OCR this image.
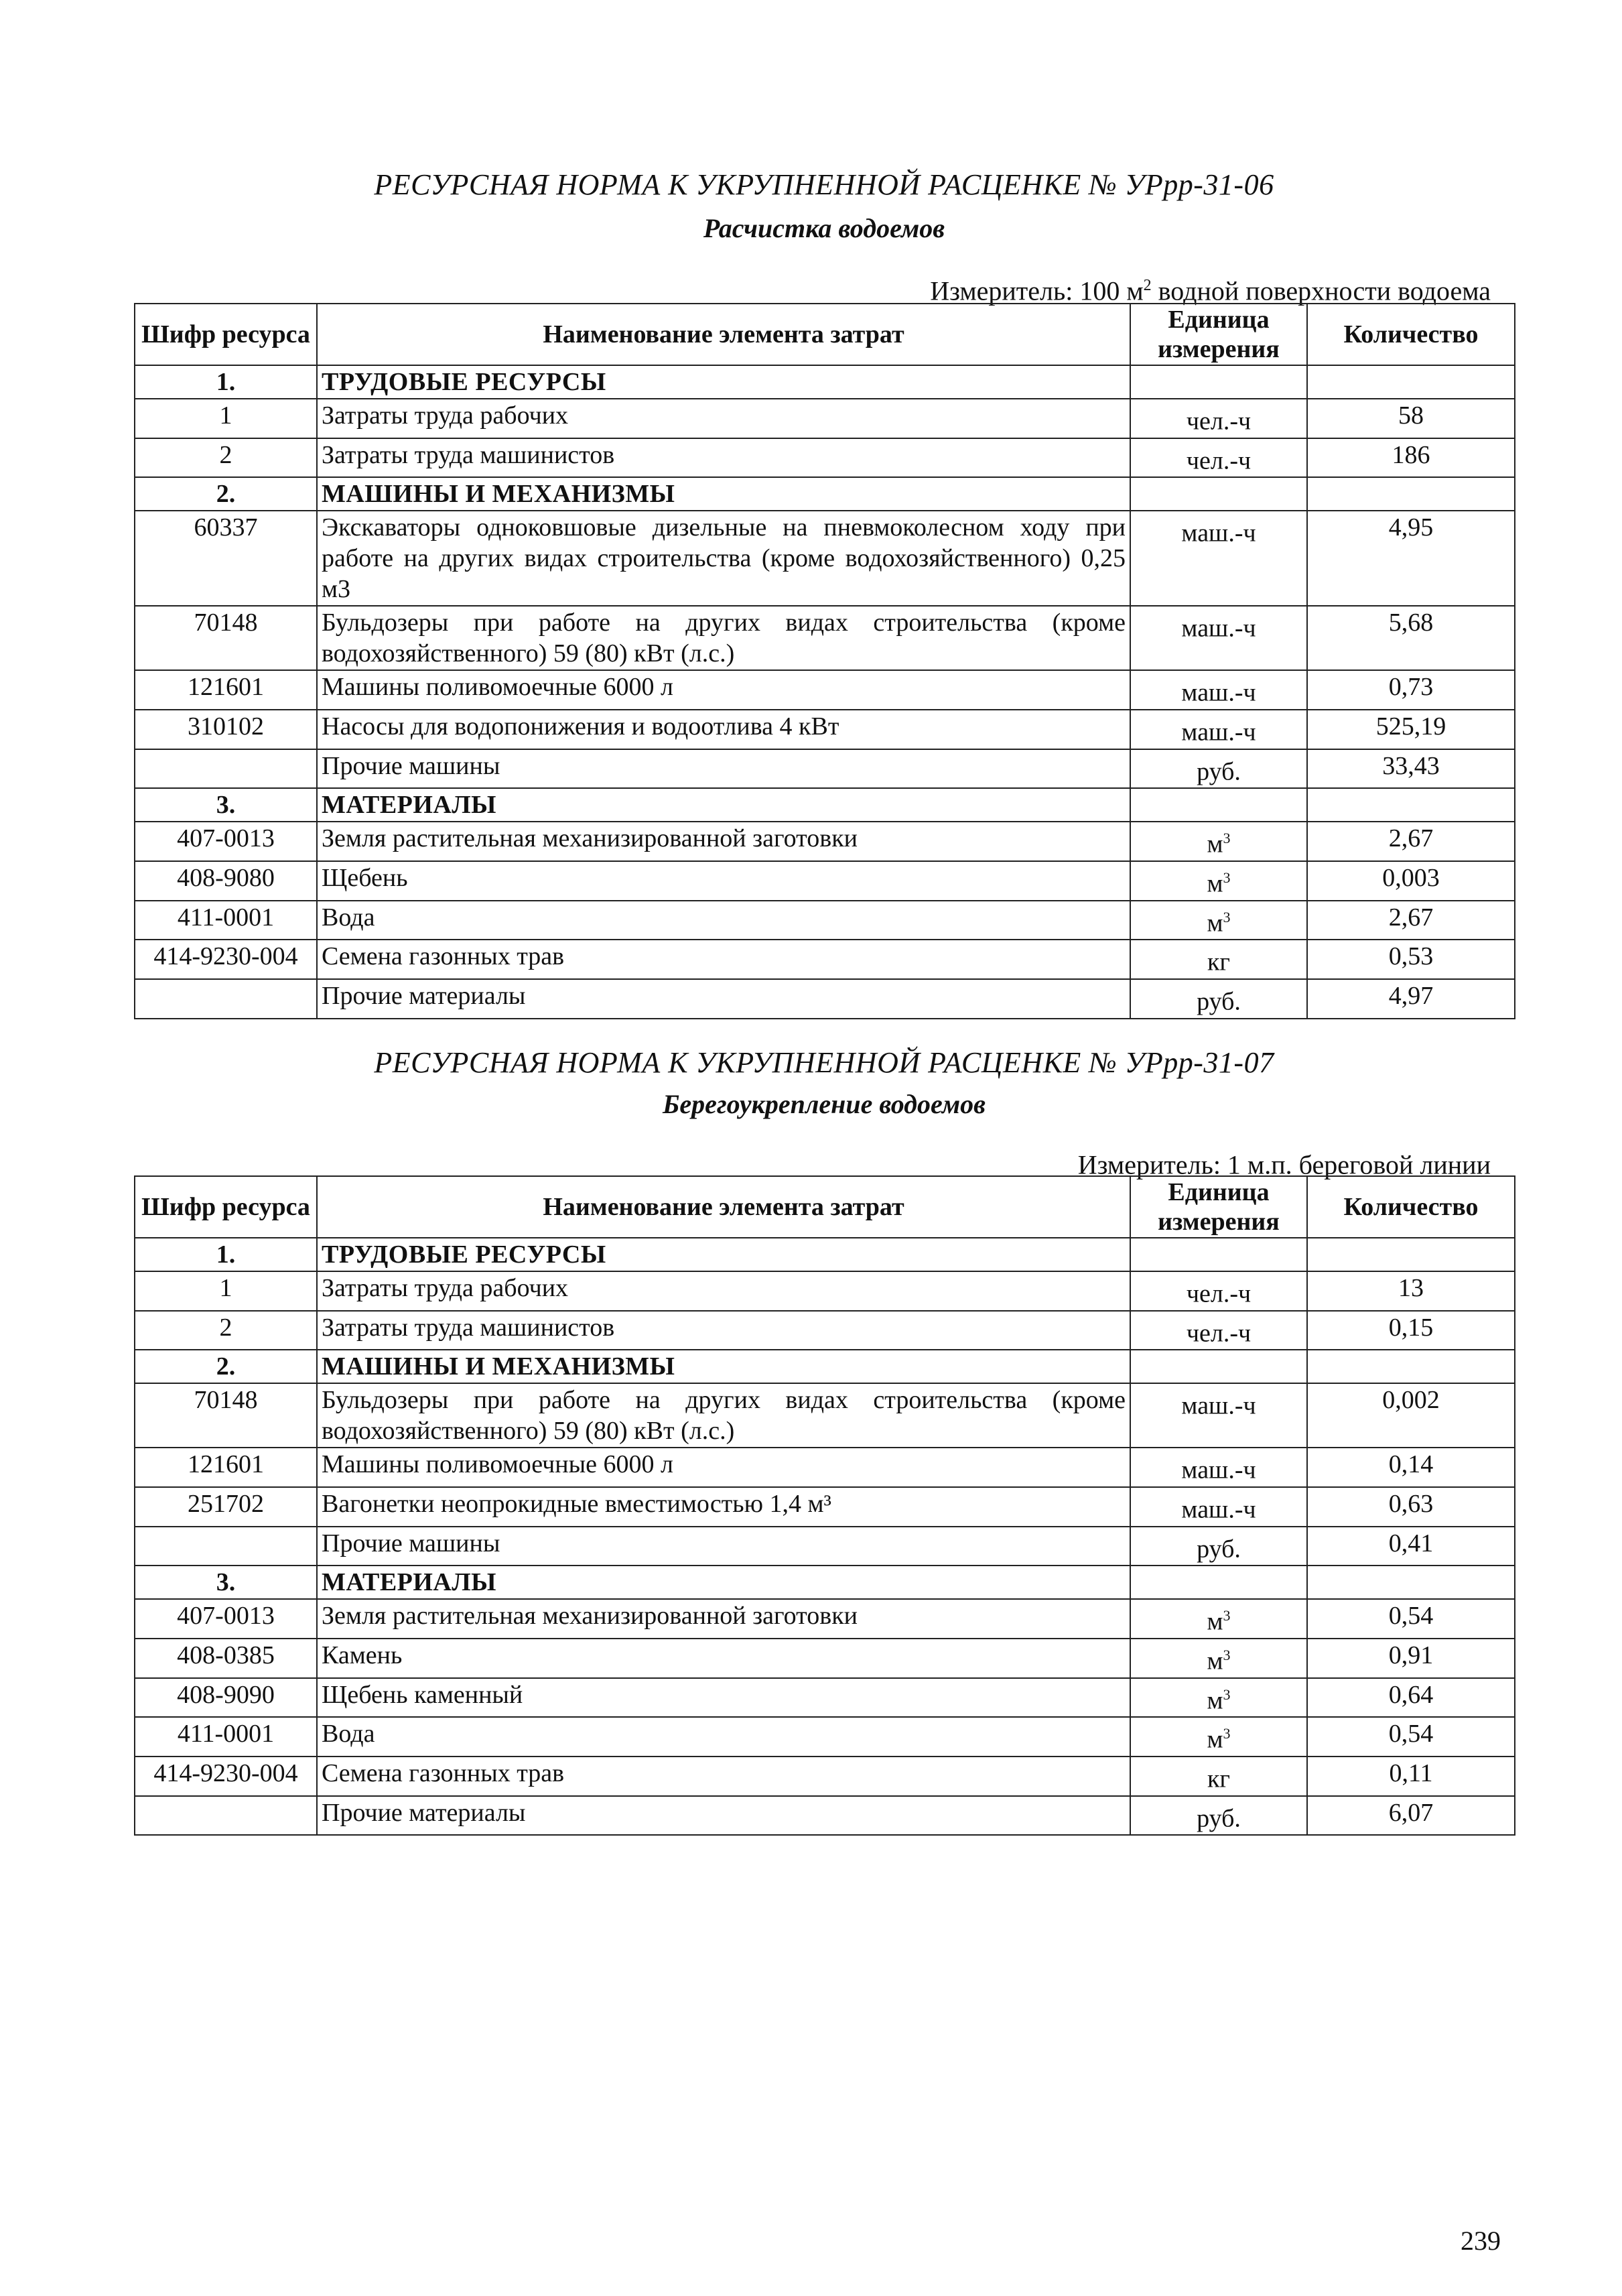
РЕСУРСНАЯ НОРМА К УКРУПНЕННОЙ РАСЦЕНКЕ № УРрр-31-06
Расчистка водоемов
Измеритель: 100 $м^2$ водной поверхности водоема
Шифр ресурса	Наименование элемента затрат	Единица измерения	Количество
1.	ТРУДОВЫЕ РЕСУРСЫ		
1	Затраты труда рабочих	чел.-ч	58
2	Затраты труда машинистов	чел.-ч	186
2.	МАШИНЫ И МЕХАНИЗМЫ		
60337	Экскаваторы одноковшовые дизельные на пневмоколесном ходу при работе на других видах строительства (кроме водохозяйственного) 0,25 м3	маш.-ч	4,95
70148	Бульдозеры при работе на других видах строительства (кроме водохозяйственного) 59 (80) кВт (л.с.)	маш.-ч	5,68
121601	Машины поливомоечные 6000 л	маш.-ч	0,73
310102	Насосы для водопонижения и водоотлива 4 кВт	маш.-ч	525,19
	Прочие машины	руб.	33,43
3.	МАТЕРИАЛЫ		
407-0013	Земля растительная механизированной заготовки	$м^3$	2,67
408-9080	Щебень	$м^3$	0,003
411-0001	Вода	$м^3$	2,67
414-9230-004	Семена газонных трав	кг	0,53
	Прочие материалы	руб.	4,97
РЕСУРСНАЯ НОРМА К УКРУПНЕННОЙ РАСЦЕНКЕ № УРрр-31-07
Берегоукрепление водоемов
Измеритель: 1 м.п. береговой линии
Шифр ресурса	Наименование элемента затрат	Единица измерения	Количество
1.	ТРУДОВЫЕ РЕСУРСЫ		
1	Затраты труда рабочих	чел.-ч	13
2	Затраты труда машинистов	чел.-ч	0,15
2.	МАШИНЫ И МЕХАНИЗМЫ		
70148	Бульдозеры при работе на других видах строительства (кроме водохозяйственного) 59 (80) кВт (л.с.)	маш.-ч	0,002
121601	Машины поливомоечные 6000 л	маш.-ч	0,14
251702	Вагонетки неопрокидные вместимостью 1,4 м³	маш.-ч	0,63
	Прочие машины	руб.	0,41
3.	МАТЕРИАЛЫ		
407-0013	Земля растительная механизированной заготовки	$м^3$	0,54
408-0385	Камень	$м^3$	0,91
408-9090	Щебень каменный	$м^3$	0,64
411-0001	Вода	$м^3$	0,54
414-9230-004	Семена газонных трав	кг	0,11
	Прочие материалы	руб.	6,07
239
